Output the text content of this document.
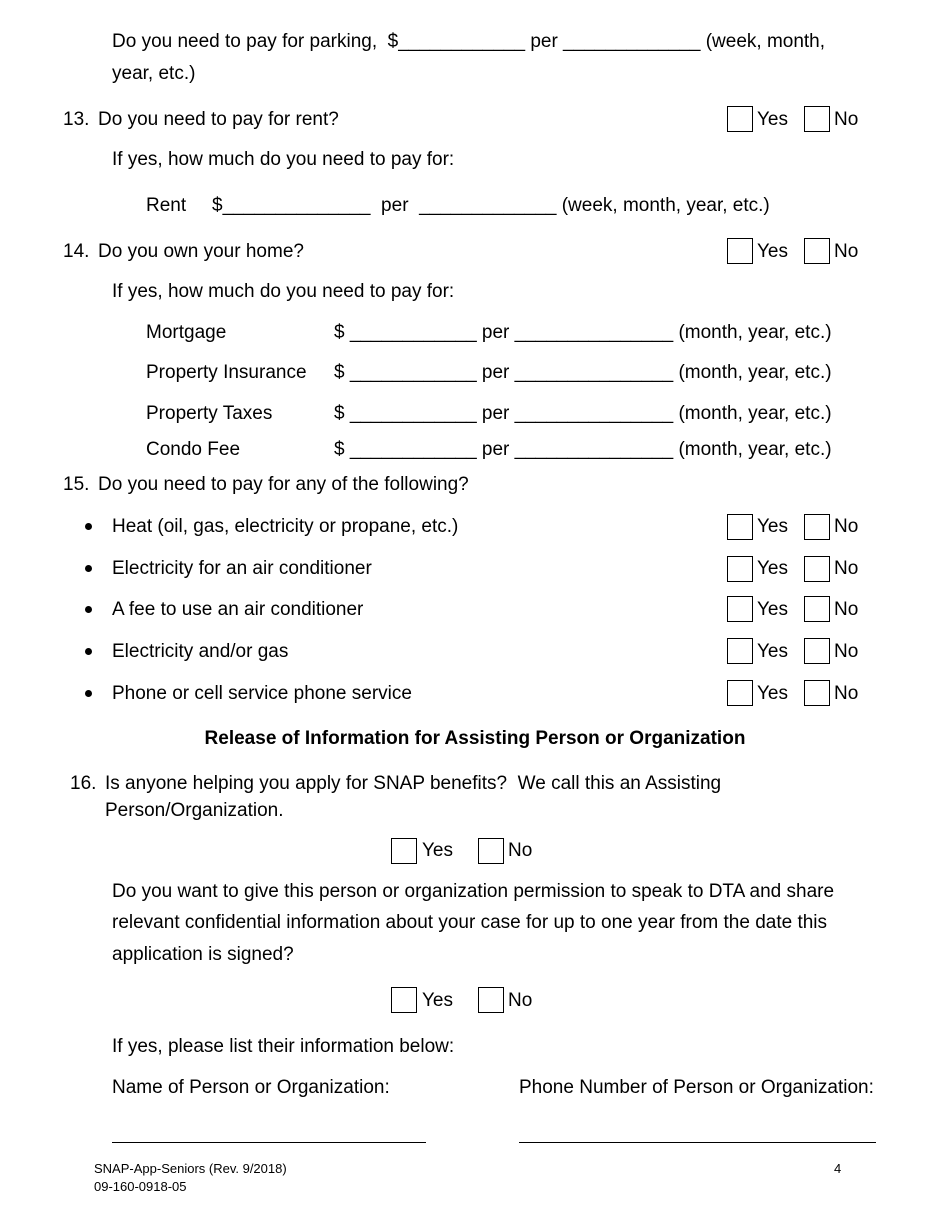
Do you need to pay for parking,  $____________ per _____________ (week, month,
year, etc.)
13. Do you need to pay for rent?	Yes No
If yes, how much do you need to pay for:
Rent $______________  per  _____________ (week, month, year, etc.)
14. Do you own your home?	Yes No
If yes, how much do you need to pay for:
Mortgage	$ ____________ per _______________ (month, year, etc.)
Property Insurance $ ____________ per _______________ (month, year, etc.)
Property Taxes	$ ____________ per _______________ (month, year, etc.)
Condo Fee	$ ____________ per _______________ (month, year, etc.)
15. Do you need to pay for any of the following?
Heat (oil, gas, electricity or propane, etc.)	Yes No
Electricity for an air conditioner	Yes No
A fee to use an air conditioner	Yes No
Electricity and/or gas	Yes No
Phone or cell service phone service	Yes No
Release of Information for Assisting Person or Organization
16. Is anyone helping you apply for SNAP benefits?  We call this an Assisting
Person/Organization.
Yes	No
Do you want to give this person or organization permission to speak to DTA and share
relevant confidential information about your case for up to one year from the date this
application is signed?
Yes	No
If yes, please list their information below:
Name of Person or Organization:	Phone Number of Person or Organization:
SNAP-App-Seniors (Rev. 9/2018)
09-160-0918-05
4
